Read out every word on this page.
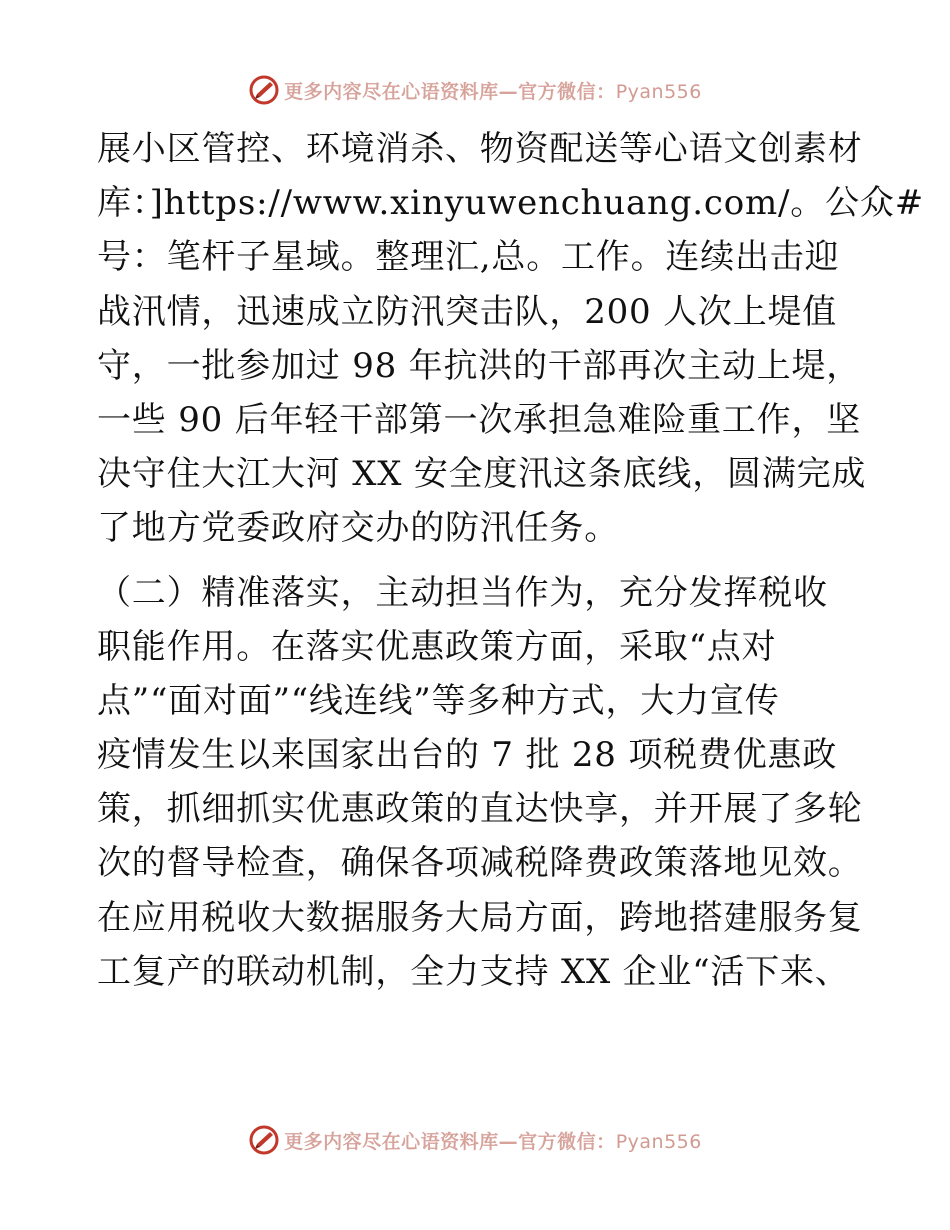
更多内容尽在心语资料库—官方微信：Pyan556
展小区管控、环境消杀、物资配送等心语文创素材
库：]https://www.xinyuwenchuang.com/。公众#
号：笔杆子星域。整理汇,总。工作。连续出击迎
战汛情，迅速成立防汛突击队，200 人次上堤值
守，一批参加过 98 年抗洪的干部再次主动上堤，
一些 90 后年轻干部第一次承担急难险重工作，坚
决守住大江大河 XX 安全度汛这条底线，圆满完成
了地方党委政府交办的防汛任务。
（二）精准落实，主动担当作为，充分发挥税收
职能作用。在落实优惠政策方面，采取“点对
点”“面对面”“线连线”等多种方式，大力宣传
疫情发生以来国家出台的 7 批 28 项税费优惠政
策，抓细抓实优惠政策的直达快享，并开展了多轮
次的督导检查，确保各项减税降费政策落地见效。
在应用税收大数据服务大局方面，跨地搭建服务复
工复产的联动机制，全力支持 XX 企业“活下来、
更多内容尽在心语资料库—官方微信：Pyan556
